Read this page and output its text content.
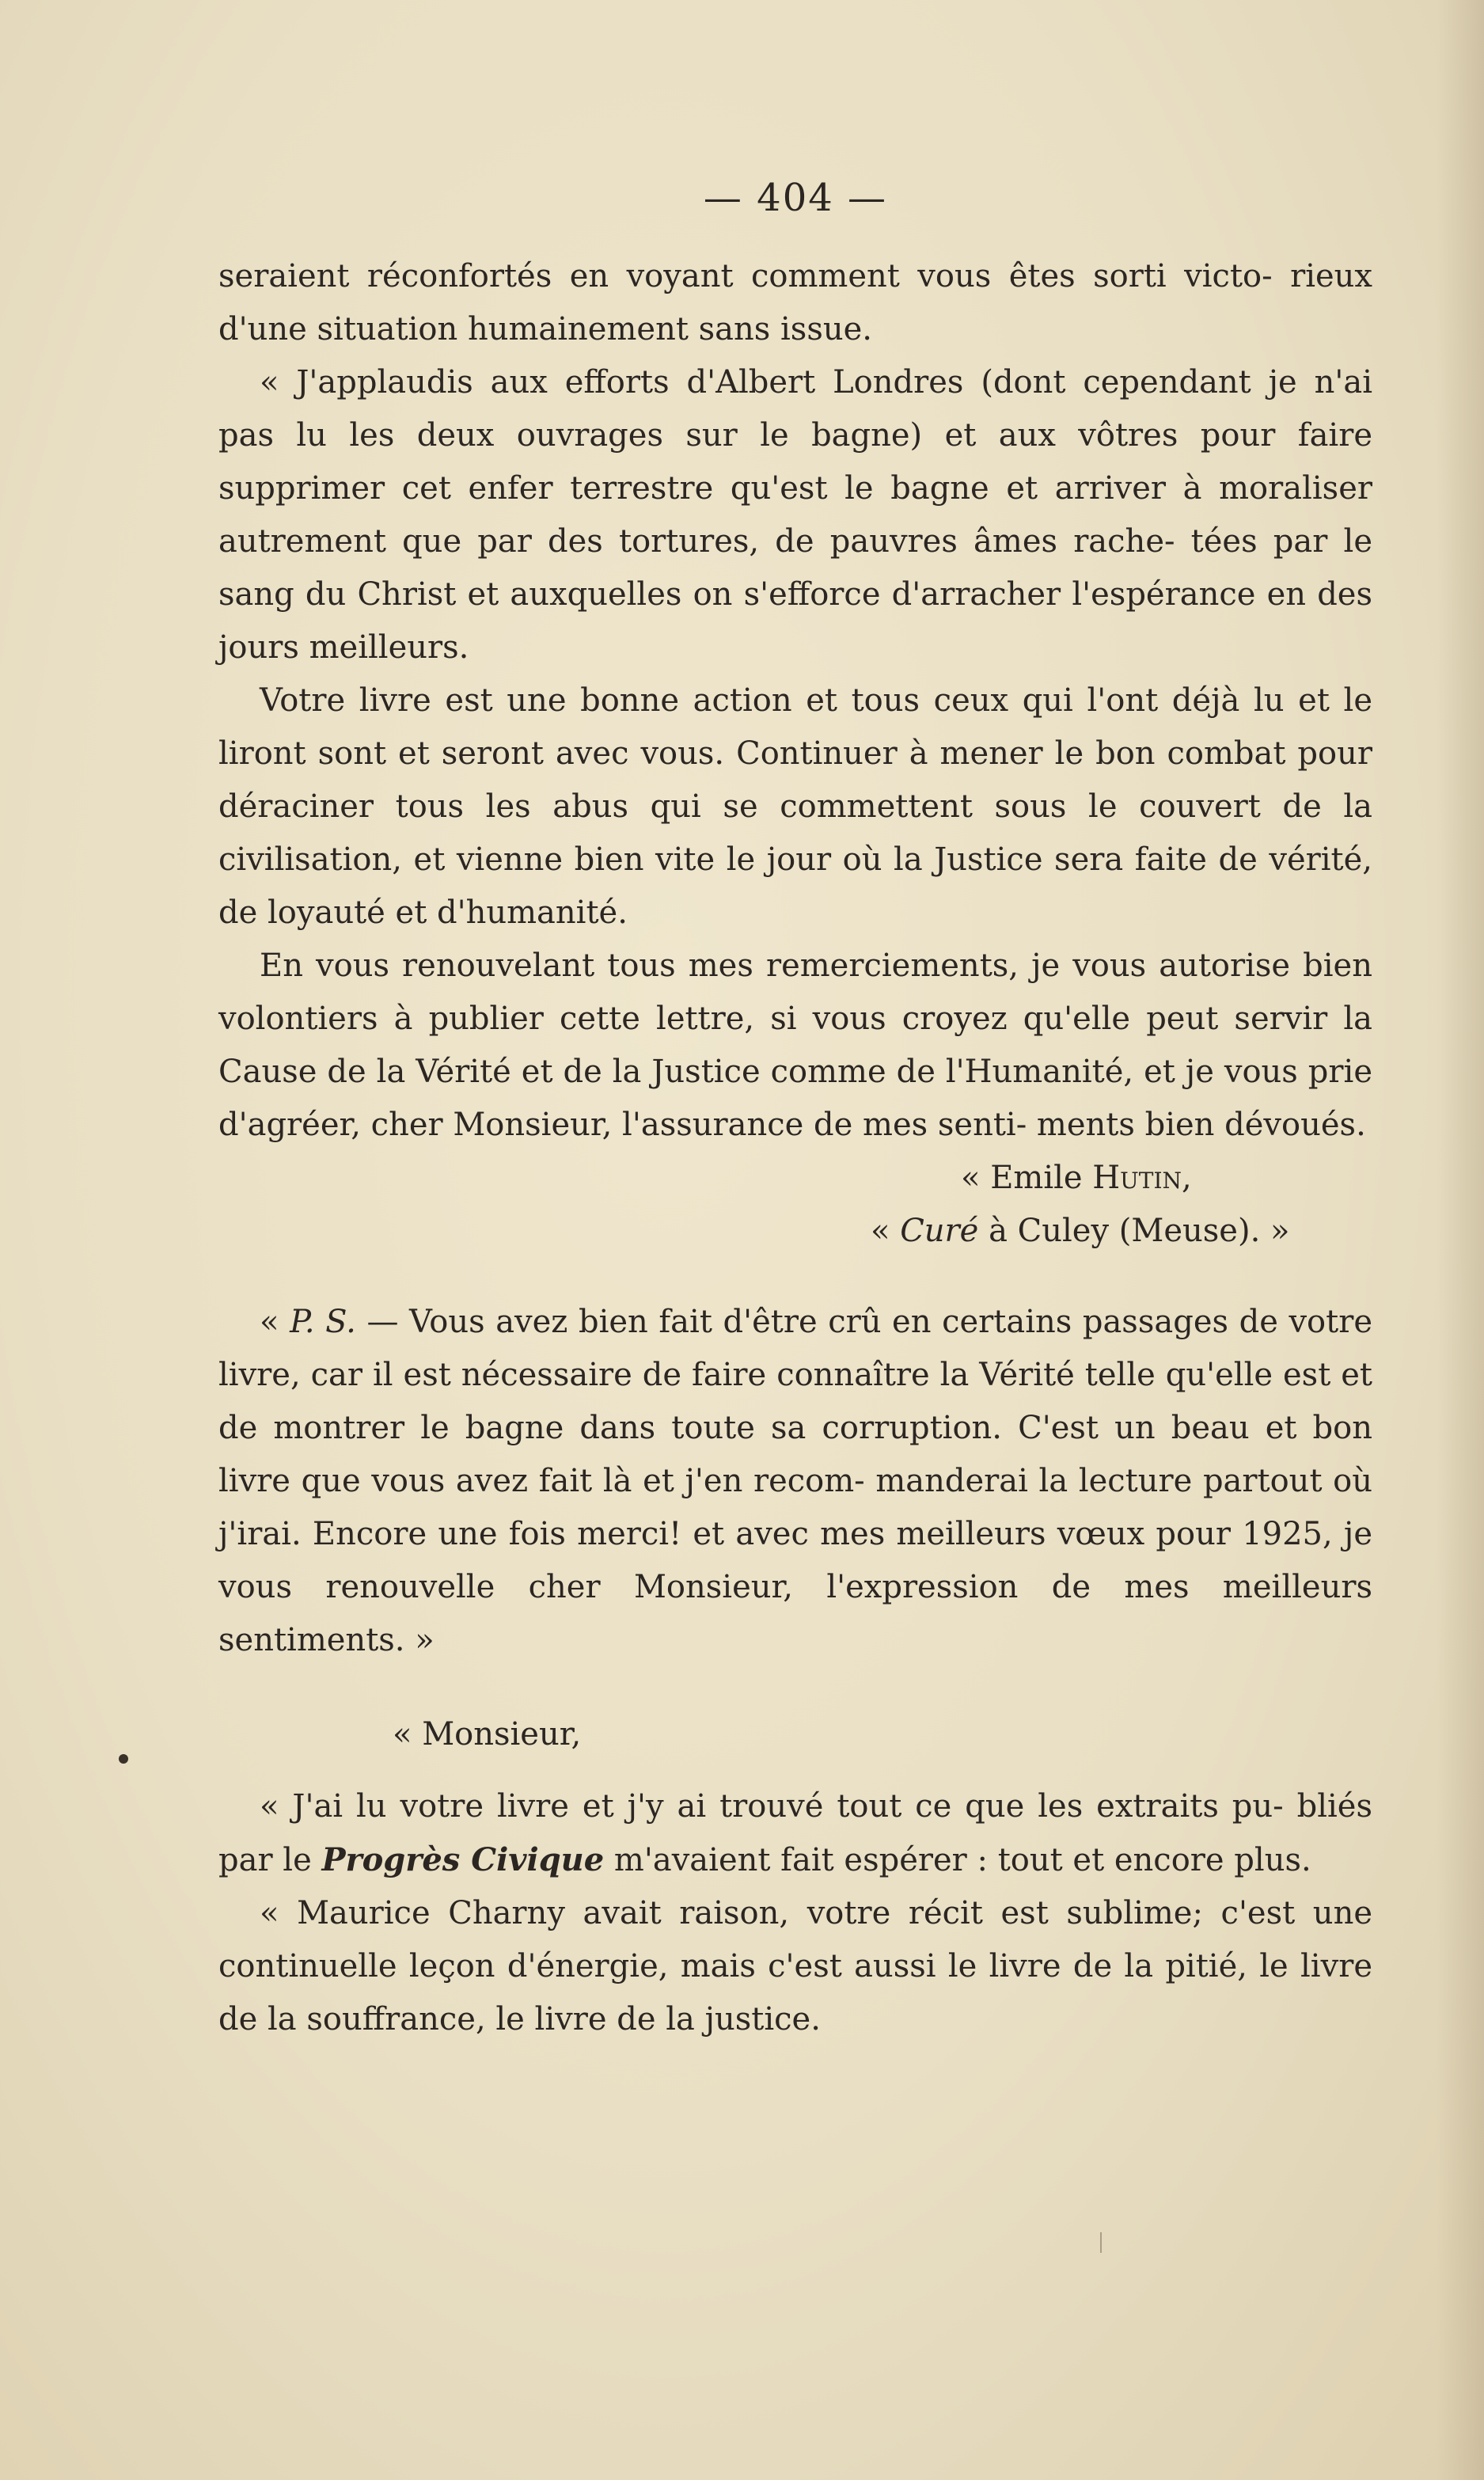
— 404 —

seraient réconfortés en voyant comment vous êtes sorti victo- rieux d'une situation humainement sans issue.

« J'applaudis aux efforts d'Albert Londres (dont cependant je n'ai pas lu les deux ouvrages sur le bagne) et aux vôtres pour faire supprimer cet enfer terrestre qu'est le bagne et arriver à moraliser autrement que par des tortures, de pauvres âmes rache- tées par le sang du Christ et auxquelles on s'efforce d'arracher l'espérance en des jours meilleurs.

Votre livre est une bonne action et tous ceux qui l'ont déjà lu et le liront sont et seront avec vous. Continuer à mener le bon combat pour déraciner tous les abus qui se commettent sous le couvert de la civilisation, et vienne bien vite le jour où la Justice sera faite de vérité, de loyauté et d'humanité.

En vous renouvelant tous mes remerciements, je vous autorise bien volontiers à publier cette lettre, si vous croyez qu'elle peut servir la Cause de la Vérité et de la Justice comme de l'Humanité, et je vous prie d'agréer, cher Monsieur, l'assurance de mes senti- ments bien dévoués.

« Emile Hutin,

« Curé à Culey (Meuse). »

« P. S. — Vous avez bien fait d'être crû en certains passages de votre livre, car il est nécessaire de faire connaître la Vérité telle qu'elle est et de montrer le bagne dans toute sa corruption. C'est un beau et bon livre que vous avez fait là et j'en recom- manderai la lecture partout où j'irai. Encore une fois merci! et avec mes meilleurs vœux pour 1925, je vous renouvelle cher Monsieur, l'expression de mes meilleurs sentiments. »

« Monsieur,

« J'ai lu votre livre et j'y ai trouvé tout ce que les extraits pu- bliés par le Progrès Civique m'avaient fait espérer : tout et encore plus.

« Maurice Charny avait raison, votre récit est sublime; c'est une continuelle leçon d'énergie, mais c'est aussi le livre de la pitié, le livre de la souffrance, le livre de la justice.
